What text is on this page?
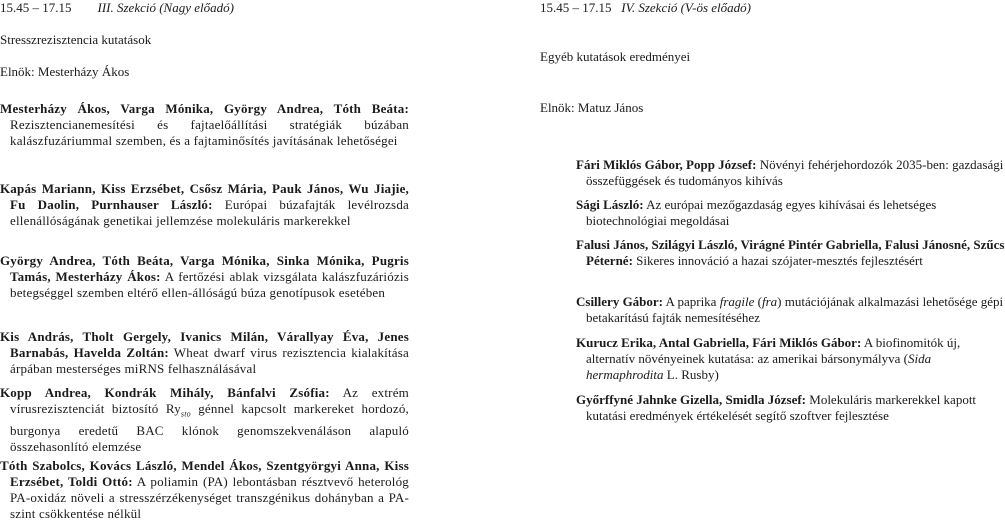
15.45 – 17.15 III. Szekció (Nagy előadó)
Stresszrezisztencia kutatások
Elnök: Mesterházy Ákos
Mesterházy Ákos, Varga Mónika, György Andrea, Tóth Beáta: Rezisztencianemesítési és fajtaelőállítási stratégiák búzában kalászfuzáriummal szemben, és a fajtaminősítés javításának lehetőségei
Kapás Mariann, Kiss Erzsébet, Csősz Mária, Pauk János, Wu Jiajie, Fu Daolin, Purnhauser László: Európai búzafajták levélrozsda ellenállóságának genetikai jellemzése molekuláris markerekkel
György Andrea, Tóth Beáta, Varga Mónika, Sinka Mónika, Pugris Tamás, Mesterházy Ákos: A fertőzési ablak vizsgálata kalászfuzáriózis betegséggel szemben eltérő ellen-állóságú búza genotípusok esetében
Kis András, Tholt Gergely, Ivanics Milán, Várallyay Éva, Jenes Barnabás, Havelda Zoltán: Wheat dwarf virus rezisztencia kialakítása árpában mesterséges miRNS felhasználásával
Kopp Andrea, Kondrák Mihály, Bánfalvi Zsófia: Az extrém vírusrezisztenciát biztosító $Ry_{sto}$ génnel kapcsolt markereket hordozó, burgonya eredetű BAC klónok genomszekvenáláson alapuló összehasonlító elemzése
Tóth Szabolcs, Kovács László, Mendel Ákos, Szentgyörgyi Anna, Kiss Erzsébet, Toldi Ottó: A poliamin (PA) lebontásban résztvevő heterológ PA-oxidáz növeli a stresszérzékenységet transzgénikus dohányban a PA-szint csökkentése nélkül
15.45 – 17.15 IV. Szekció (V-ös előadó)
Egyéb kutatások eredményei
Elnök: Matuz János
Fári Miklós Gábor, Popp József: Növényi fehérjehordozók 2035-ben: gazdasági összefüggések és tudományos kihívás
Sági László: Az európai mezőgazdaság egyes kihívásai és lehetséges biotechnológiai megoldásai
Falusi János, Szilágyi László, Virágné Pintér Gabriella, Falusi Jánosné, Szűcs Péterné: Sikeres innováció a hazai szójater-mesztés fejlesztésért
Csillery Gábor: A paprika fragile (fra) mutációjának alkalmazási lehetősége gépi betakarítású fajták nemesítéséhez
Kurucz Erika, Antal Gabriella, Fári Miklós Gábor: A biofinomitók új, alternatív növényeinek kutatása: az amerikai bársonymályva (Sida hermaphrodita L. Rusby)
Győrffyné Jahnke Gizella, Smidla József: Molekuláris markerekkel kapott kutatási eredmények értékelését segítő szoftver fejlesztése
